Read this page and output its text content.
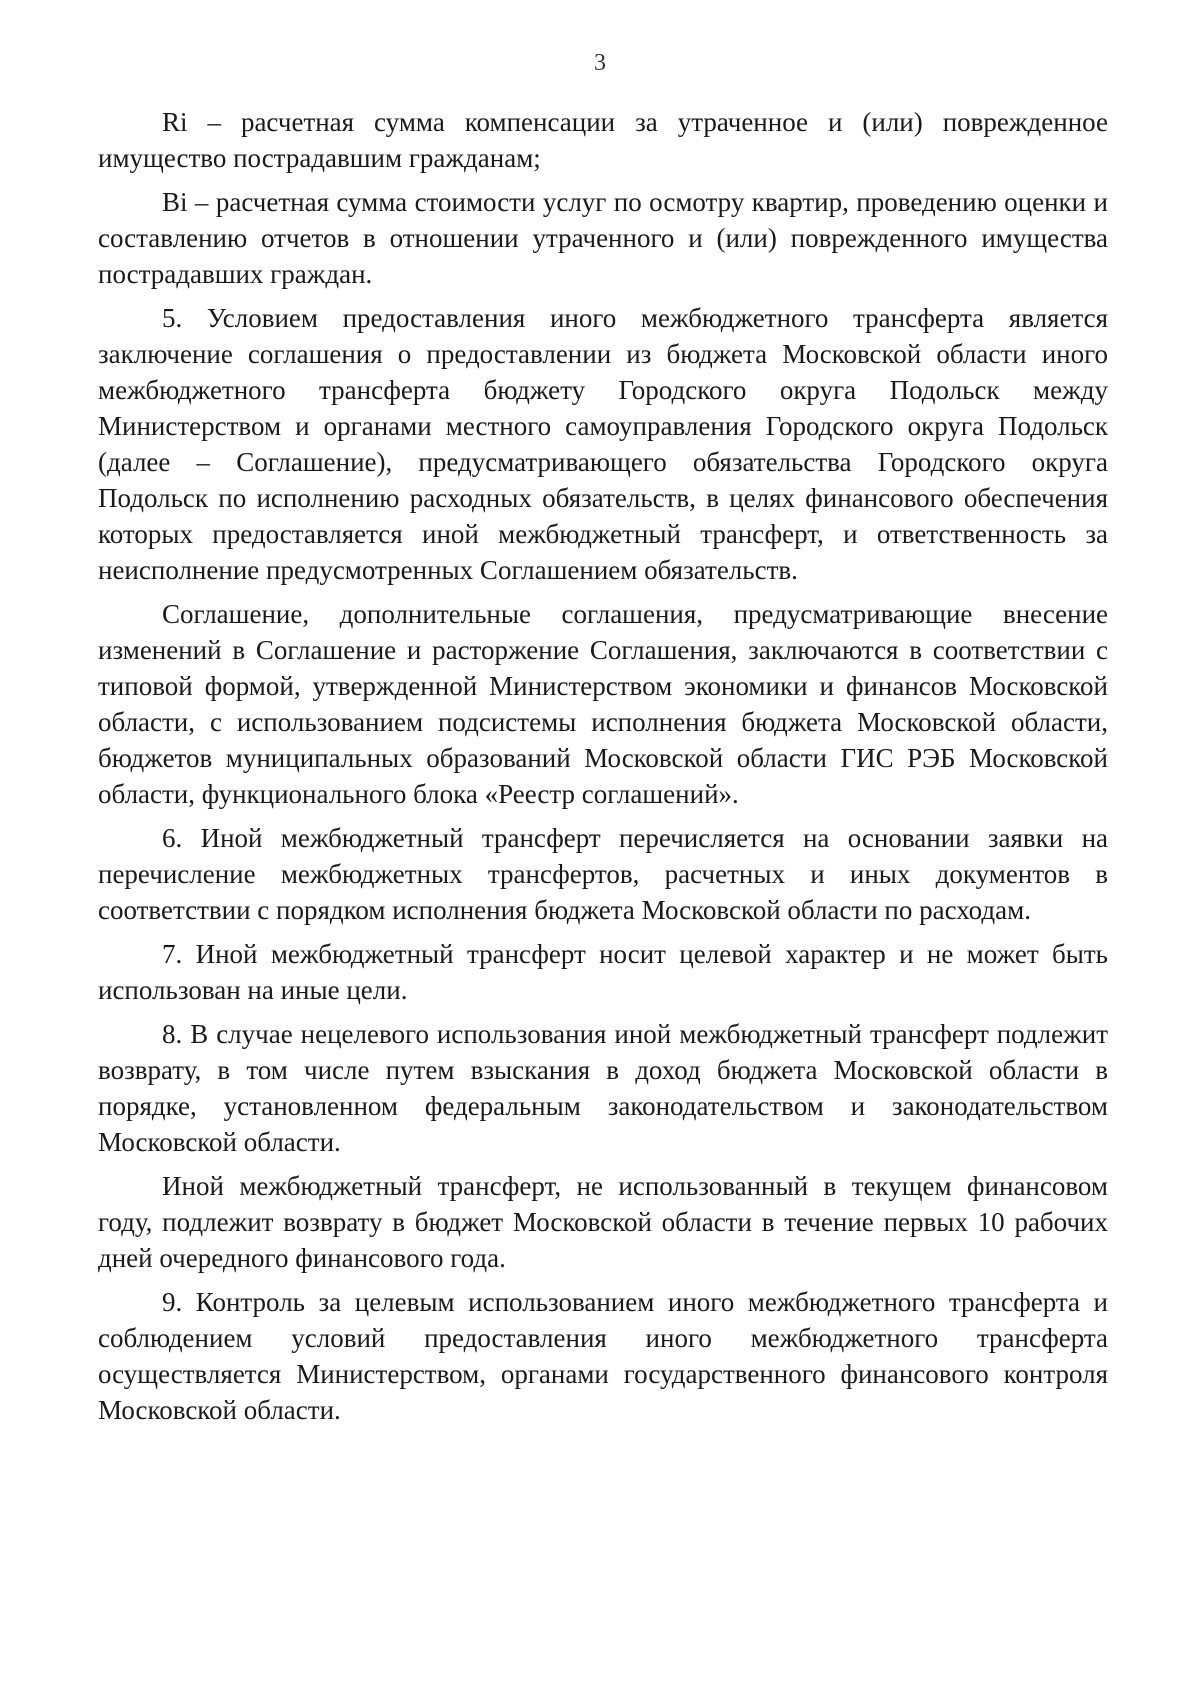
3

Ri – расчетная сумма компенсации за утраченное и (или) поврежденное имущество пострадавшим гражданам;

Bi – расчетная сумма стоимости услуг по осмотру квартир, проведению оценки и составлению отчетов в отношении утраченного и (или) поврежденного имущества пострадавших граждан.

5. Условием предоставления иного межбюджетного трансферта является заключение соглашения о предоставлении из бюджета Московской области иного межбюджетного трансферта бюджету Городского округа Подольск между Министерством и органами местного самоуправления Городского округа Подольск (далее – Соглашение), предусматривающего обязательства Городского округа Подольск по исполнению расходных обязательств, в целях финансового обеспечения которых предоставляется иной межбюджетный трансферт, и ответственность за неисполнение предусмотренных Соглашением обязательств.

Соглашение, дополнительные соглашения, предусматривающие внесение изменений в Соглашение и расторжение Соглашения, заключаются в соответствии с типовой формой, утвержденной Министерством экономики и финансов Московской области, с использованием подсистемы исполнения бюджета Московской области, бюджетов муниципальных образований Московской области ГИС РЭБ Московской области, функционального блока «Реестр соглашений».

6. Иной межбюджетный трансферт перечисляется на основании заявки на перечисление межбюджетных трансфертов, расчетных и иных документов в соответствии с порядком исполнения бюджета Московской области по расходам.

7. Иной межбюджетный трансферт носит целевой характер и не может быть использован на иные цели.

8. В случае нецелевого использования иной межбюджетный трансферт подлежит возврату, в том числе путем взыскания в доход бюджета Московской области в порядке, установленном федеральным законодательством и законодательством Московской области.

Иной межбюджетный трансферт, не использованный в текущем финансовом году, подлежит возврату в бюджет Московской области в течение первых 10 рабочих дней очередного финансового года.

9. Контроль за целевым использованием иного межбюджетного трансферта и соблюдением условий предоставления иного межбюджетного трансферта осуществляется Министерством, органами государственного финансового контроля Московской области.
